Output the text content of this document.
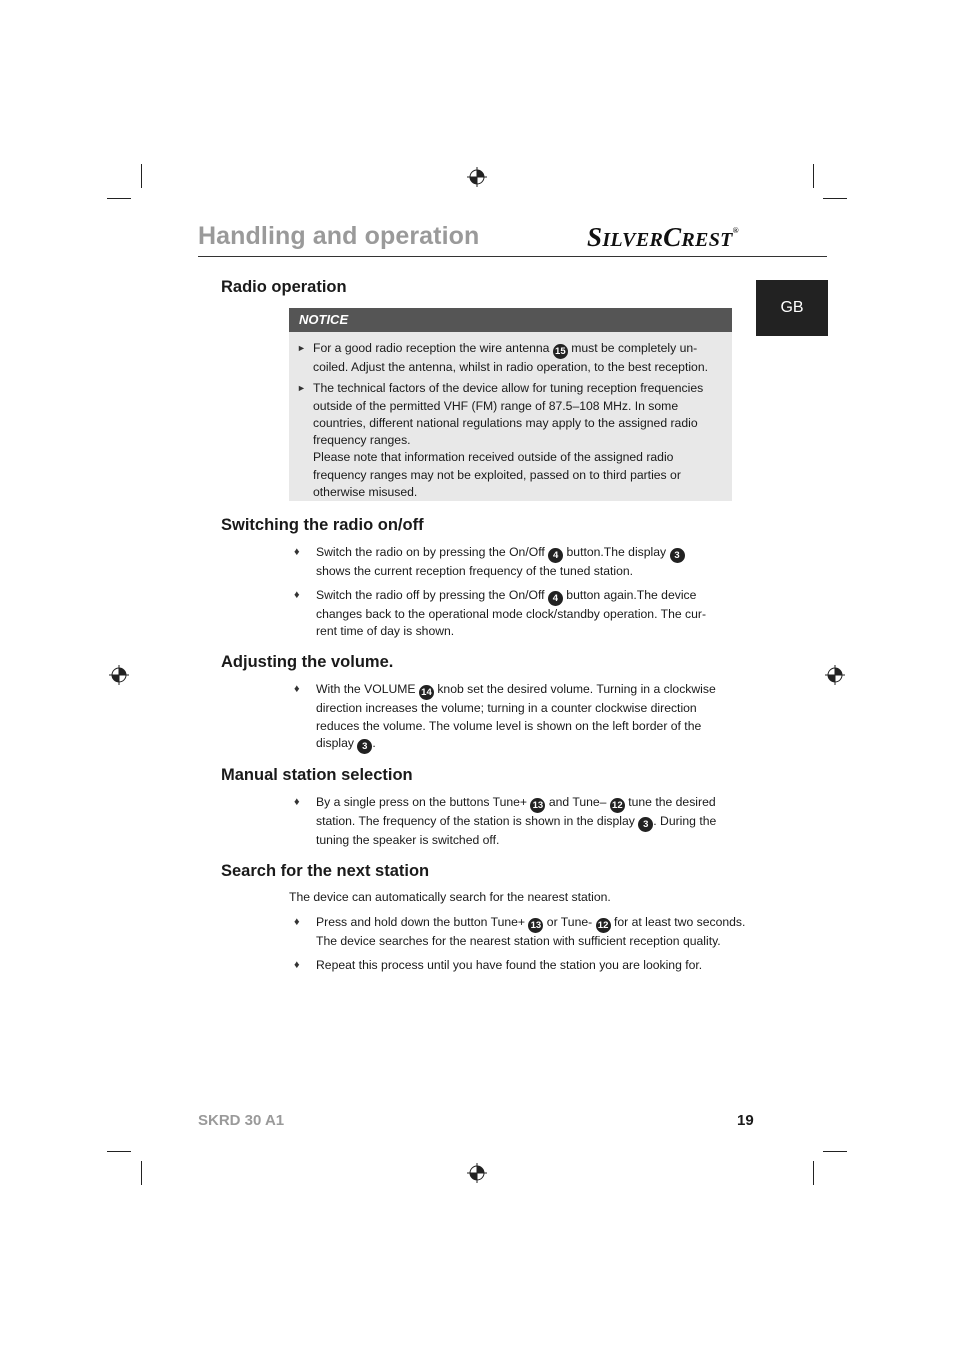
Handling and operation	SILVERCREST®
GB
Radio operation
NOTICE
► For a good radio reception the wire antenna 15 must be completely un-
coiled. Adjust the antenna, whilst in radio operation, to the best reception.
► The technical factors of the device allow for tuning reception frequencies
outside of the permitted VHF (FM) range of 87.5–108 MHz. In some
countries, different national regulations may apply to the assigned radio
frequency ranges.
Please note that information received outside of the assigned radio
frequency ranges may not be exploited, passed on to third parties or
otherwise misused.
Switching the radio on/off
♦ Switch the radio on by pressing the On/Off 4 button.The display 3
shows the current reception frequency of the tuned station.
♦ Switch the radio off by pressing the On/Off 4 button again.The device
changes back to the operational mode clock/standby operation. The cur-
rent time of day is shown.
Adjusting the volume.
♦ With the VOLUME 14 knob set the desired volume. Turning in a clockwise
direction increases the volume; turning in a counter clockwise direction
reduces the volume. The volume level is shown on the left border of the
display 3 .
Manual station selection
♦ By a single press on the buttons Tune+ 13 and Tune– 12 tune the desired
station. The frequency of the station is shown in the display 3 . During the
tuning the speaker is switched off.
Search for the next station
The device can automatically search for the nearest station.
♦ Press and hold down the button Tune+ 13 or Tune- 12 for at least two seconds.
The device searches for the nearest station with sufficient reception quality.
♦ Repeat this process until you have found the station you are looking for.
SKRD 30 A1	19
